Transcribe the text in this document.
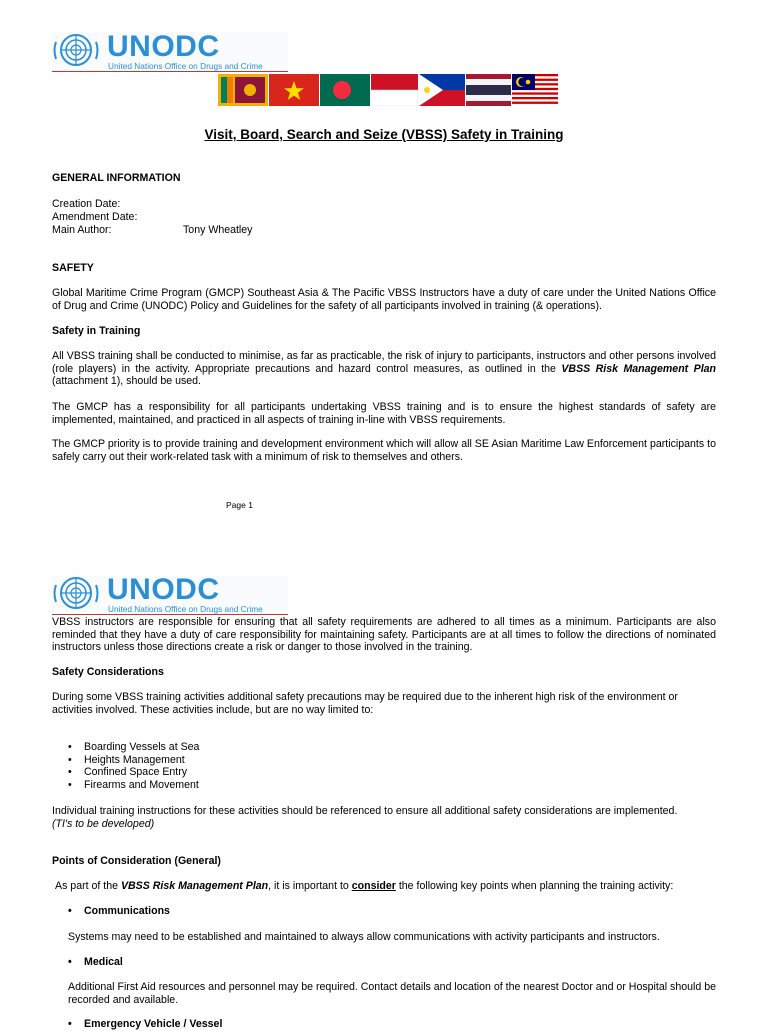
UNODC
United Nations Office on Drugs and Crime
Visit, Board, Search and Seize (VBSS) Safety in Training
GENERAL INFORMATION
Creation Date:
Amendment Date:
Main Author:	Tony Wheatley
SAFETY
Global Maritime Crime Program (GMCP) Southeast Asia & The Pacific VBSS Instructors have a duty of care under the United Nations Office of Drug and Crime (UNODC) Policy and Guidelines for the safety of all participants involved in training (& operations).
Safety in Training
All VBSS training shall be conducted to minimise, as far as practicable, the risk of injury to participants, instructors and other persons involved (role players) in the activity. Appropriate precautions and hazard control measures, as outlined in the VBSS Risk Management Plan (attachment 1), should be used.
The GMCP has a responsibility for all participants undertaking VBSS training and is to ensure the highest standards of safety are implemented, maintained, and practiced in all aspects of training in-line with VBSS requirements.
The GMCP priority is to provide training and development environment which will allow all SE Asian Maritime Law Enforcement participants to safely carry out their work-related task with a minimum of risk to themselves and others.
Page 1
UNODC
United Nations Office on Drugs and Crime
VBSS instructors are responsible for ensuring that all safety requirements are adhered to all times as a minimum. Participants are also reminded that they have a duty of care responsibility for maintaining safety. Participants are at all times to follow the directions of nominated instructors unless those directions create a risk or danger to those involved in the training.
Safety Considerations
During some VBSS training activities additional safety precautions may be required due to the inherent high risk of the environment or activities involved. These activities include, but are no way limited to:
• Boarding Vessels at Sea
• Heights Management
• Confined Space Entry
• Firearms and Movement
Individual training instructions for these activities should be referenced to ensure all additional safety considerations are implemented.
(TI's to be developed)
Points of Consideration (General)
As part of the VBSS Risk Management Plan, it is important to consider the following key points when planning the training activity:
• Communications
Systems may need to be established and maintained to always allow communications with activity participants and instructors.
• Medical
Additional First Aid resources and personnel may be required. Contact details and location of the nearest Doctor and or Hospital should be recorded and available.
• Emergency Vehicle / Vessel
